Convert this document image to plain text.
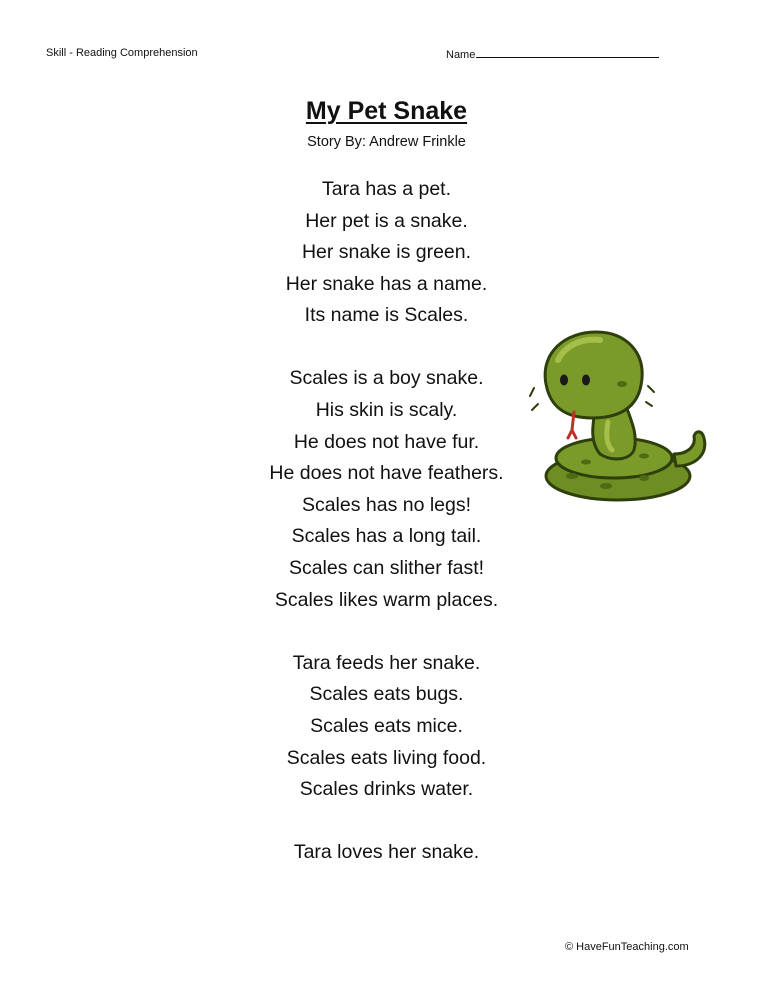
Skill - Reading Comprehension	Name
My Pet Snake
Story By: Andrew Frinkle
Tara has a pet.
Her pet is a snake.
Her snake is green.
Her snake has a name.
Its name is Scales.
Scales is a boy snake.
His skin is scaly.
He does not have fur.
He does not have feathers.
Scales has no legs!
Scales has a long tail.
Scales can slither fast!
Scales likes warm places.
Tara feeds her snake.
Scales eats bugs.
Scales eats mice.
Scales eats living food.
Scales drinks water.
Tara loves her snake.
© HaveFunTeaching.com
